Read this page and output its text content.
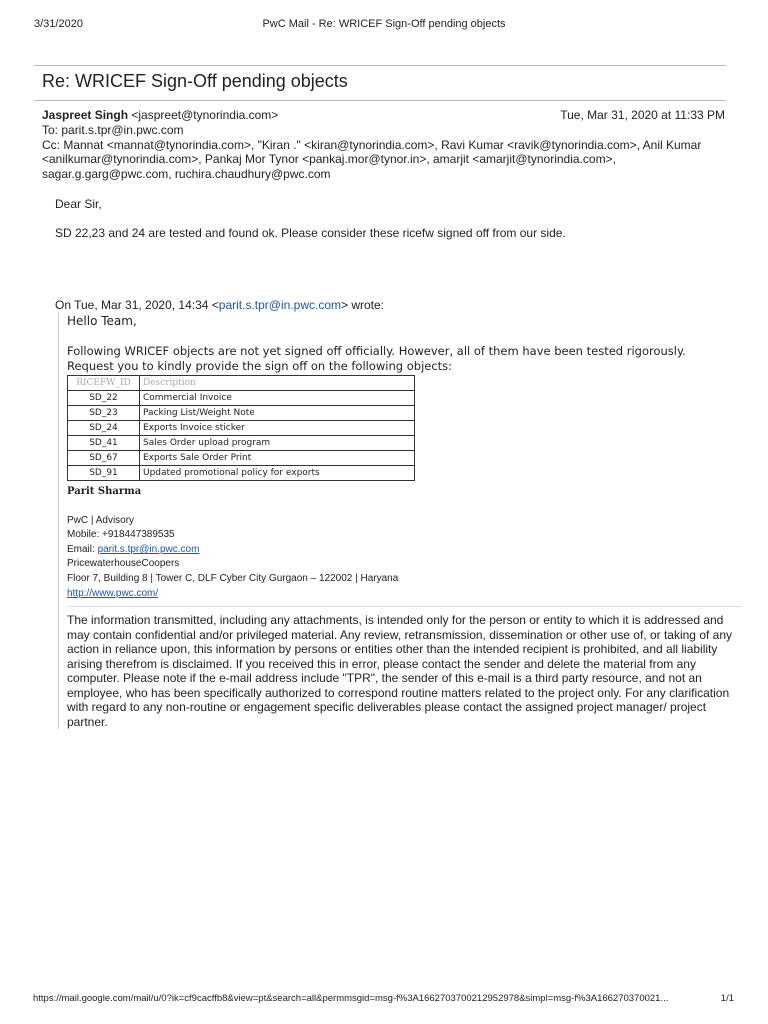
3/31/2020	PwC Mail - Re: WRICEF Sign-Off pending objects
Re: WRICEF Sign-Off pending objects
Jaspreet Singh <jaspreet@tynorindia.com>	Tue, Mar 31, 2020 at 11:33 PM
To: parit.s.tpr@in.pwc.com
Cc: Mannat <mannat@tynorindia.com>, "Kiran ." <kiran@tynorindia.com>, Ravi Kumar <ravik@tynorindia.com>, Anil Kumar
<anilkumar@tynorindia.com>, Pankaj Mor Tynor <pankaj.mor@tynor.in>, amarjit <amarjit@tynorindia.com>,
sagar.g.garg@pwc.com, ruchira.chaudhury@pwc.com
Dear Sir,
SD 22,23 and 24 are tested and found ok. Please consider these ricefw signed off from our side.
On Tue, Mar 31, 2020, 14:34 <parit.s.tpr@in.pwc.com> wrote:
Hello Team,
Following WRICEF objects are not yet signed off officially. However, all of them have been tested rigorously.
Request you to kindly provide the sign off on the following objects:
RICEFW_ID	Description
SD_22	Commercial Invoice
SD_23	Packing List/Weight Note
SD_24	Exports Invoice sticker
SD_41	Sales Order upload program
SD_67	Exports Sale Order Print
SD_91	Updated promotional policy for exports
Parit Sharma
PwC | Advisory
Mobile: +918447389535
Email: parit.s.tpr@in.pwc.com
PricewaterhouseCoopers
Floor 7, Building 8 | Tower C, DLF Cyber City Gurgaon – 122002 | Haryana
http://www.pwc.com/
The information transmitted, including any attachments, is intended only for the person or entity to which it is addressed and may contain confidential and/or privileged material. Any review, retransmission, dissemination or other use of, or taking of any action in reliance upon, this information by persons or entities other than the intended recipient is prohibited, and all liability arising therefrom is disclaimed. If you received this in error, please contact the sender and delete the material from any computer. Please note if the e-mail address include "TPR", the sender of this e-mail is a third party resource, and not an employee, who has been specifically authorized to correspond routine matters related to the project only. For any clarification with regard to any non-routine or engagement specific deliverables please contact the assigned project manager/ project partner.
https://mail.google.com/mail/u/0?ik=cf9cacffb8&view=pt&search=all&permmsgid=msg-f%3A1662703700212952978&simpl=msg-f%3A166270370021...	1/1
